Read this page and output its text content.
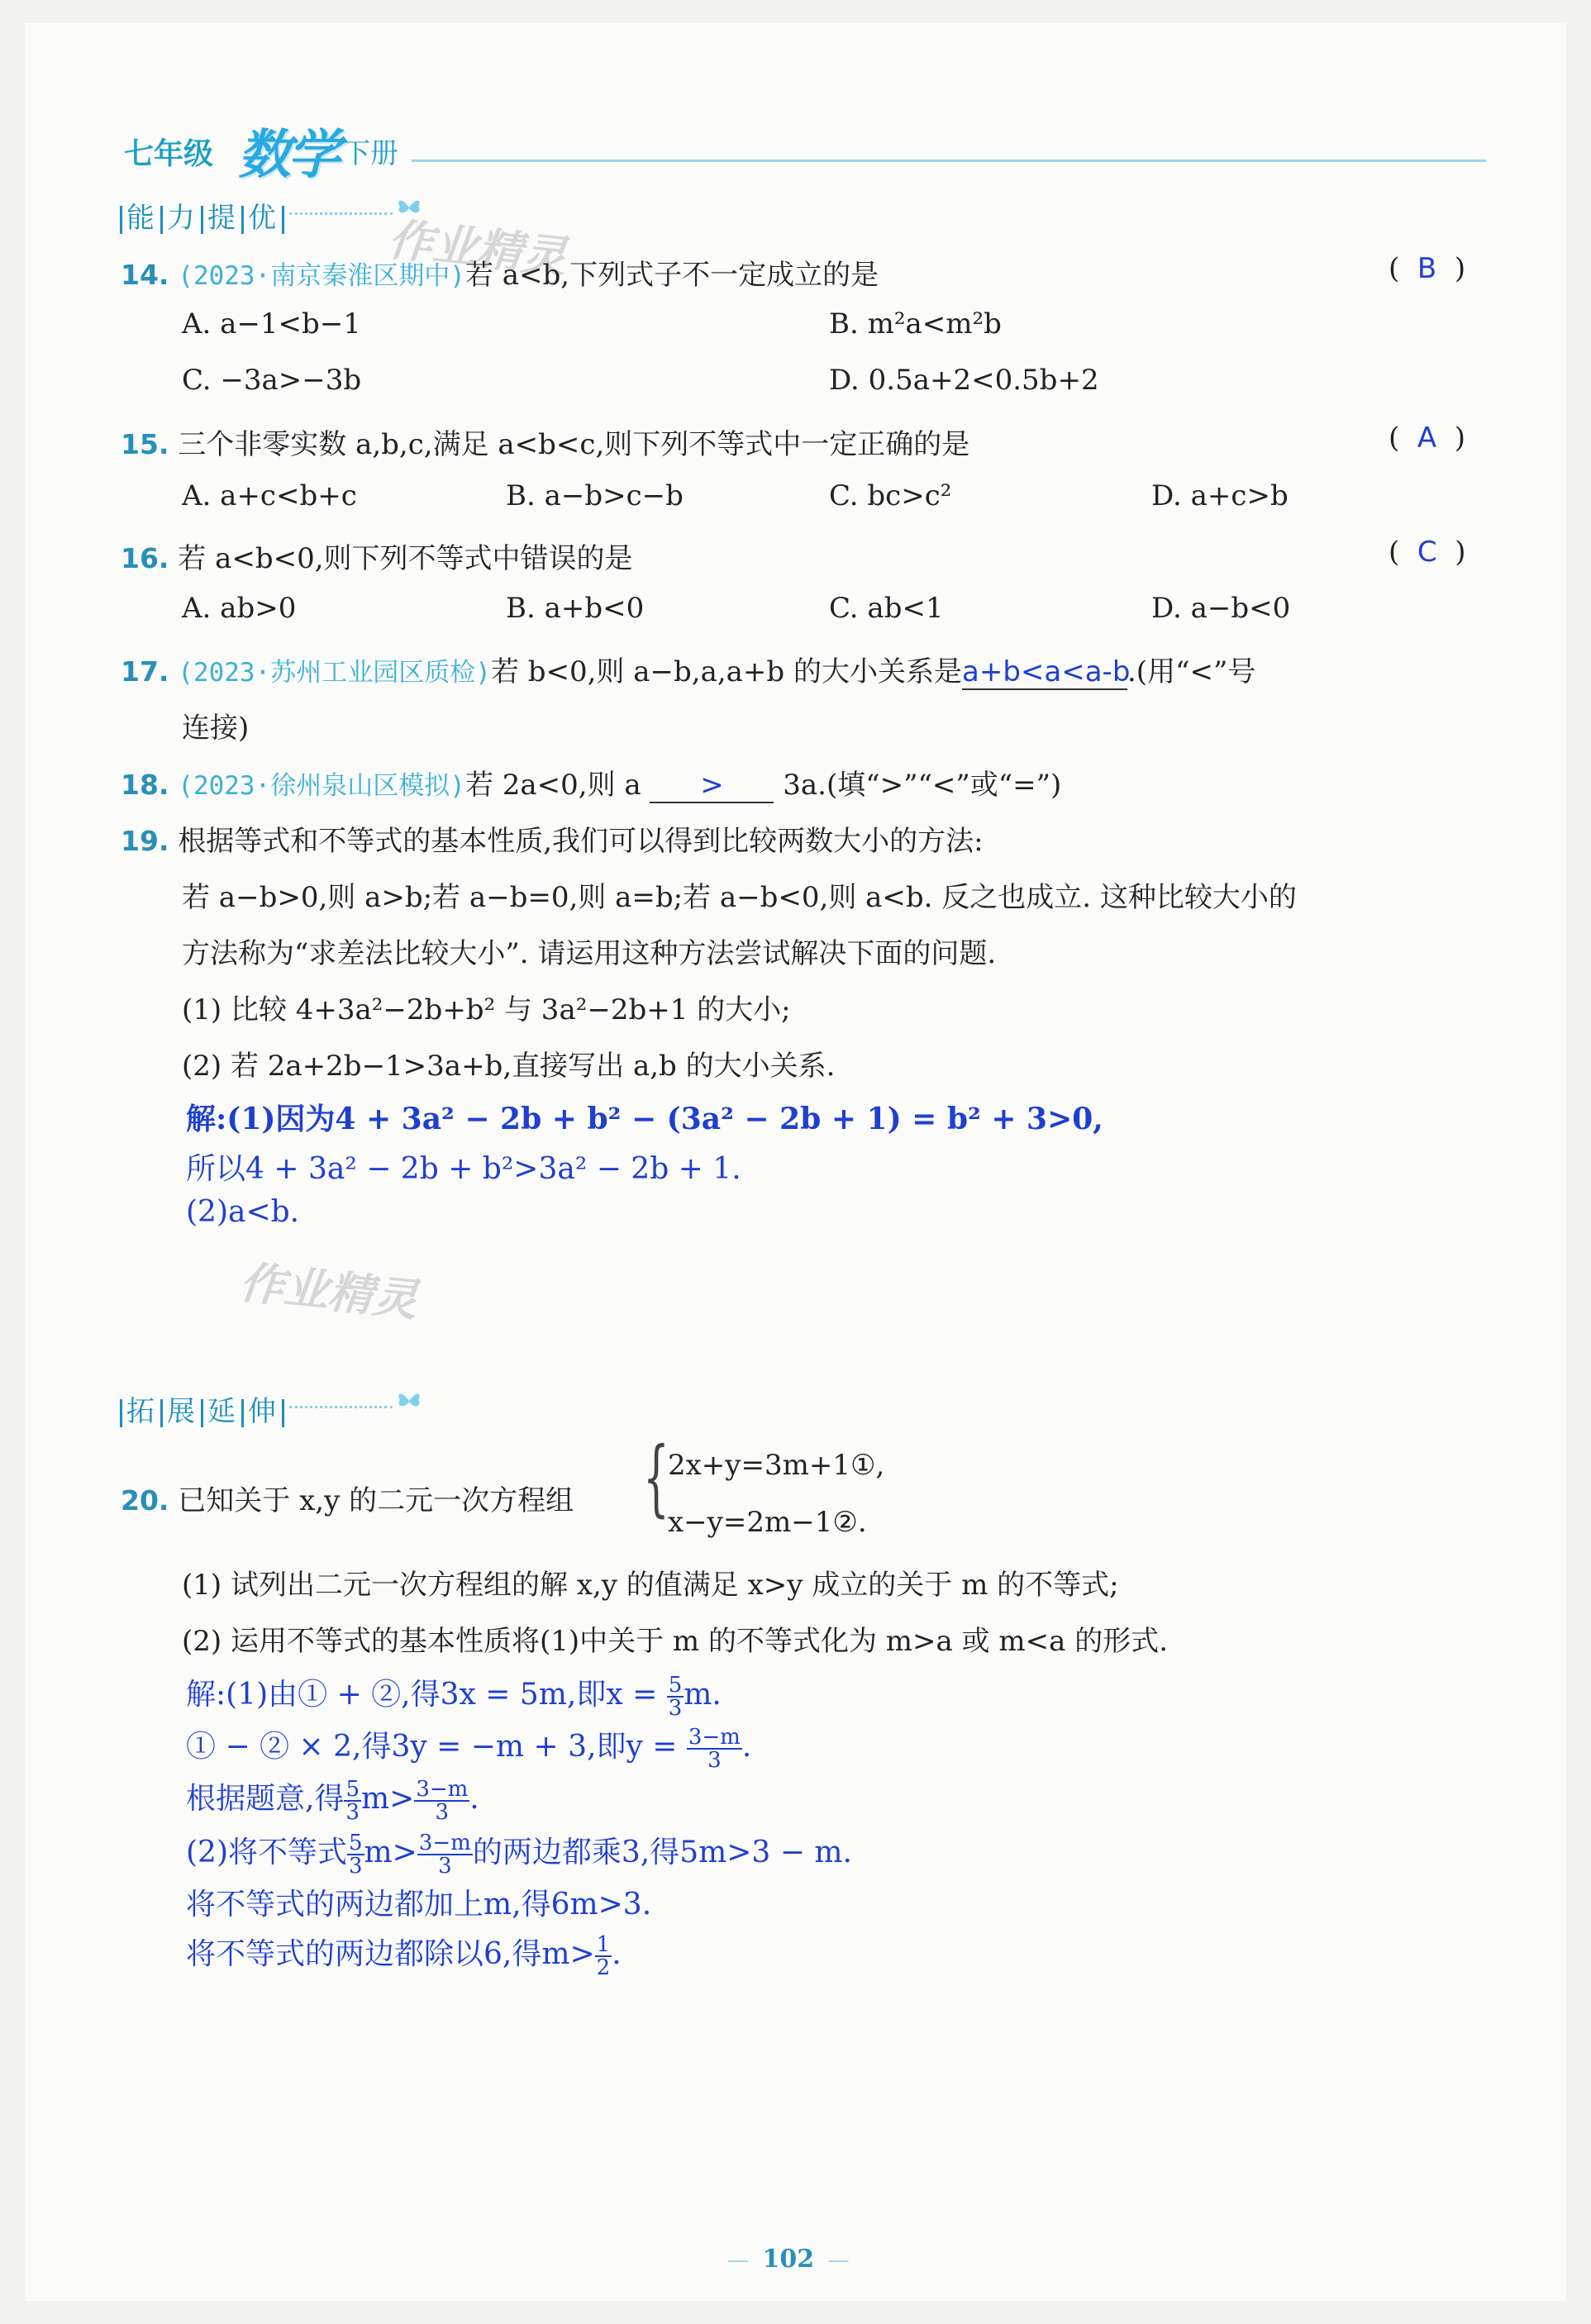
七年级 数学 下册
能 力 提 优 作业精灵
14. (2023·南京秦淮区期中)若 a<b,下列式子不一定成立的是	(  B  )
A. a−1<b−1	B. m²a<m²b
C. −3a>−3b	D. 0.5a+2<0.5b+2
15. 三个非零实数 a,b,c,满足 a<b<c,则下列不等式中一定正确的是	(  A  )
A. a+c<b+c	B. a−b>c−b	C. bc>c²	D. a+c>b
16. 若 a<b<0,则下列不等式中错误的是	(  C  )
A. ab>0	B. a+b<0	C. ab<1	D. a−b<0
17. (2023·苏州工业园区质检)若 b<0,则 a−b,a,a+b 的大小关系是a+b<a<a-b.(用“<”号
连接)
18. (2023·徐州泉山区模拟)若 2a<0,则 a > 3a.(填“>”“<”或“=”)
19. 根据等式和不等式的基本性质,我们可以得到比较两数大小的方法:
若 a−b>0,则 a>b;若 a−b=0,则 a=b;若 a−b<0,则 a<b. 反之也成立. 这种比较大小的
方法称为“求差法比较大小”. 请运用这种方法尝试解决下面的问题.
(1) 比较 4+3a²−2b+b² 与 3a²−2b+1 的大小;
(2) 若 2a+2b−1>3a+b,直接写出 a,b 的大小关系.
解:(1)因为4 + 3a² − 2b + b² − (3a² − 2b + 1) = b² + 3>0,
所以4 + 3a² − 2b + b²>3a² − 2b + 1.
(2)a<b.
作业精灵
拓 展 延 伸
20. 已知关于 x,y 的二元一次方程组 {
2x+y=3m+1①,
x−y=2m−1②.
(1) 试列出二元一次方程组的解 x,y 的值满足 x>y 成立的关于 m 的不等式;
(2) 运用不等式的基本性质将(1)中关于 m 的不等式化为 m>a 或 m<a 的形式.
解:(1)由① + ②,得3x = 5m,即$x = \frac{5}{3} m$.
① − ② × 2,得3y = −m + 3,即$y = \frac{3-m}{3}$ .
根据题意,得 $\frac{5}{3} m> \frac{3-m}{3}$ .
(2)将不等式 $\frac{5}{3} m> \frac{3-m}{3}$ 的两边都乘3,得5m>3 − m.
将不等式的两边都加上m,得6m>3.
将不等式的两边都除以6,得$m> \frac{1}{2}$ .
—  102  —
